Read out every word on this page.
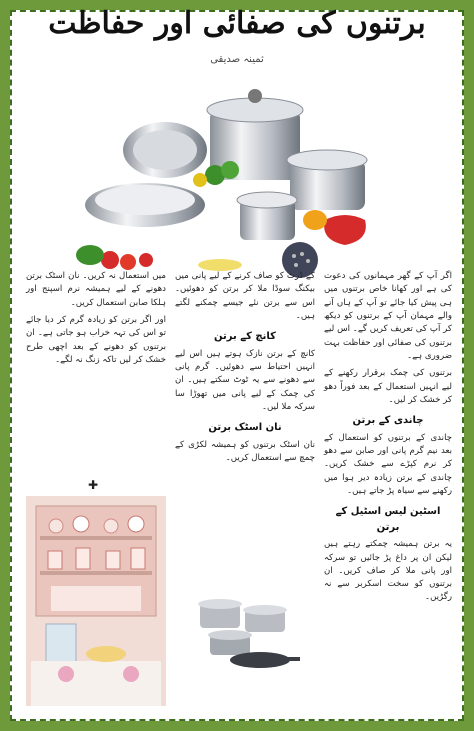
برتنوں کی صفائی اور حفاظت
ثمینہ صدیقی

اگر آپ کے گھر مہمانوں کی دعوت کی ہے اور کھانا خاص برتنوں میں ہی پیش کیا جائے تو آپ کے ہاں آنے والے مہمان آپ کے برتنوں کو دیکھ کر آپ کی تعریف کریں گے۔ اس لیے برتنوں کی صفائی اور حفاظت بہت ضروری ہے۔

برتنوں کی چمک برقرار رکھنے کے لیے انہیں استعمال کے بعد فوراً دھو کر خشک کر لیں۔

چاندی کے برتن

چاندی کے برتنوں کو استعمال کے بعد نیم گرم پانی اور صابن سے دھو کر نرم کپڑے سے خشک کریں۔ چاندی کے برتن زیادہ دیر ہوا میں رکھنے سے سیاہ پڑ جاتے ہیں۔

اسٹین لیس اسٹیل کے برتن

یہ برتن ہمیشہ چمکتے رہتے ہیں لیکن ان پر داغ پڑ جائیں تو سرکہ اور پانی ملا کر صاف کریں۔ ان برتنوں کو سخت اسکربر سے نہ رگڑیں۔

کے ڈرٹ کو صاف کرنے کے لیے پانی میں بیکنگ سوڈا ملا کر برتن کو دھوئیں۔ اس سے برتن نئے جیسے چمکنے لگتے ہیں۔

کانچ کے برتن

کانچ کے برتن نازک ہوتے ہیں اس لیے انہیں احتیاط سے دھوئیں۔ گرم پانی سے دھونے سے یہ ٹوٹ سکتے ہیں۔ ان کی چمک کے لیے پانی میں تھوڑا سا سرکہ ملا لیں۔

نان اسٹک برتن

نان اسٹک برتنوں کو ہمیشہ لکڑی کے چمچ سے استعمال کریں۔

میں استعمال نہ کریں۔ نان اسٹک برتن دھونے کے لیے ہمیشہ نرم اسپنج اور ہلکا صابن استعمال کریں۔

اور اگر برتن کو زیادہ گرم کر دیا جائے تو اس کی تہہ خراب ہو جاتی ہے۔ ان برتنوں کو دھونے کے بعد اچھی طرح خشک کر لیں تاکہ زنگ نہ لگے۔

✚
